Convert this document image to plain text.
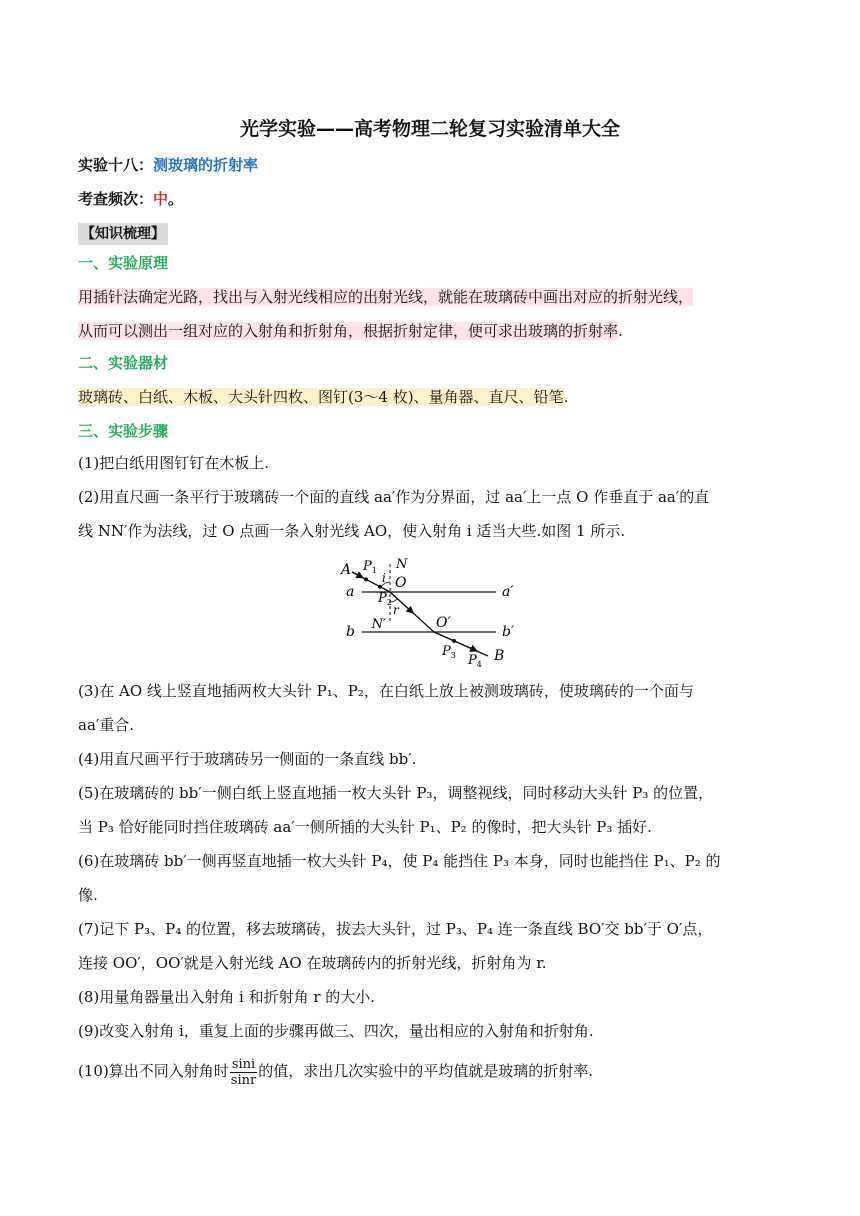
光学实验——高考物理二轮复习实验清单大全
实验十八：测玻璃的折射率
考查频次：中。
【知识梳理】
一、实验原理
用插针法确定光路，找出与入射光线相应的出射光线，就能在玻璃砖中画出对应的折射光线，
从而可以测出一组对应的入射角和折射角，根据折射定律，便可求出玻璃的折射率.
二、实验器材
玻璃砖、白纸、木板、大头针四枚、图钉(3～4 枚)、量角器、直尺、铅笔.
三、实验步骤
(1)把白纸用图钉钉在木板上.
(2)用直尺画一条平行于玻璃砖一个面的直线 aa′作为分界面，过 aa′上一点 O 作垂直于 aa′的直
线 NN′作为法线，过 O 点画一条入射光线 AO，使入射角 i 适当大些.如图 1 所示.
A $P_1$ N
i O
a $P_2$
a′
r
b N′	O′
b′
$P_3$ $P_4$
B
(3)在 AO 线上竖直地插两枚大头针 P₁、P₂，在白纸上放上被测玻璃砖，使玻璃砖的一个面与
aa′重合.
(4)用直尺画平行于玻璃砖另一侧面的一条直线 bb′.
(5)在玻璃砖的 bb′一侧白纸上竖直地插一枚大头针 P₃，调整视线，同时移动大头针 P₃ 的位置，
当 P₃ 恰好能同时挡住玻璃砖 aa′一侧所插的大头针 P₁、P₂ 的像时，把大头针 P₃ 插好.
(6)在玻璃砖 bb′一侧再竖直地插一枚大头针 P₄，使 P₄ 能挡住 P₃ 本身，同时也能挡住 P₁、P₂ 的
像.
(7)记下 P₃、P₄ 的位置，移去玻璃砖，拔去大头针，过 P₃、P₄ 连一条直线 BO′交 bb′于 O′点，
连接 OO′，OO′就是入射光线 AO 在玻璃砖内的折射光线，折射角为 r.
(8)用量角器量出入射角 i 和折射角 r 的大小.
(9)改变入射角 i，重复上面的步骤再做三、四次，量出相应的入射角和折射角.
(10)算出不同入射角时 $\frac{\sin i}{\sin r}$ 的值，求出几次实验中的平均值就是玻璃的折射率.
